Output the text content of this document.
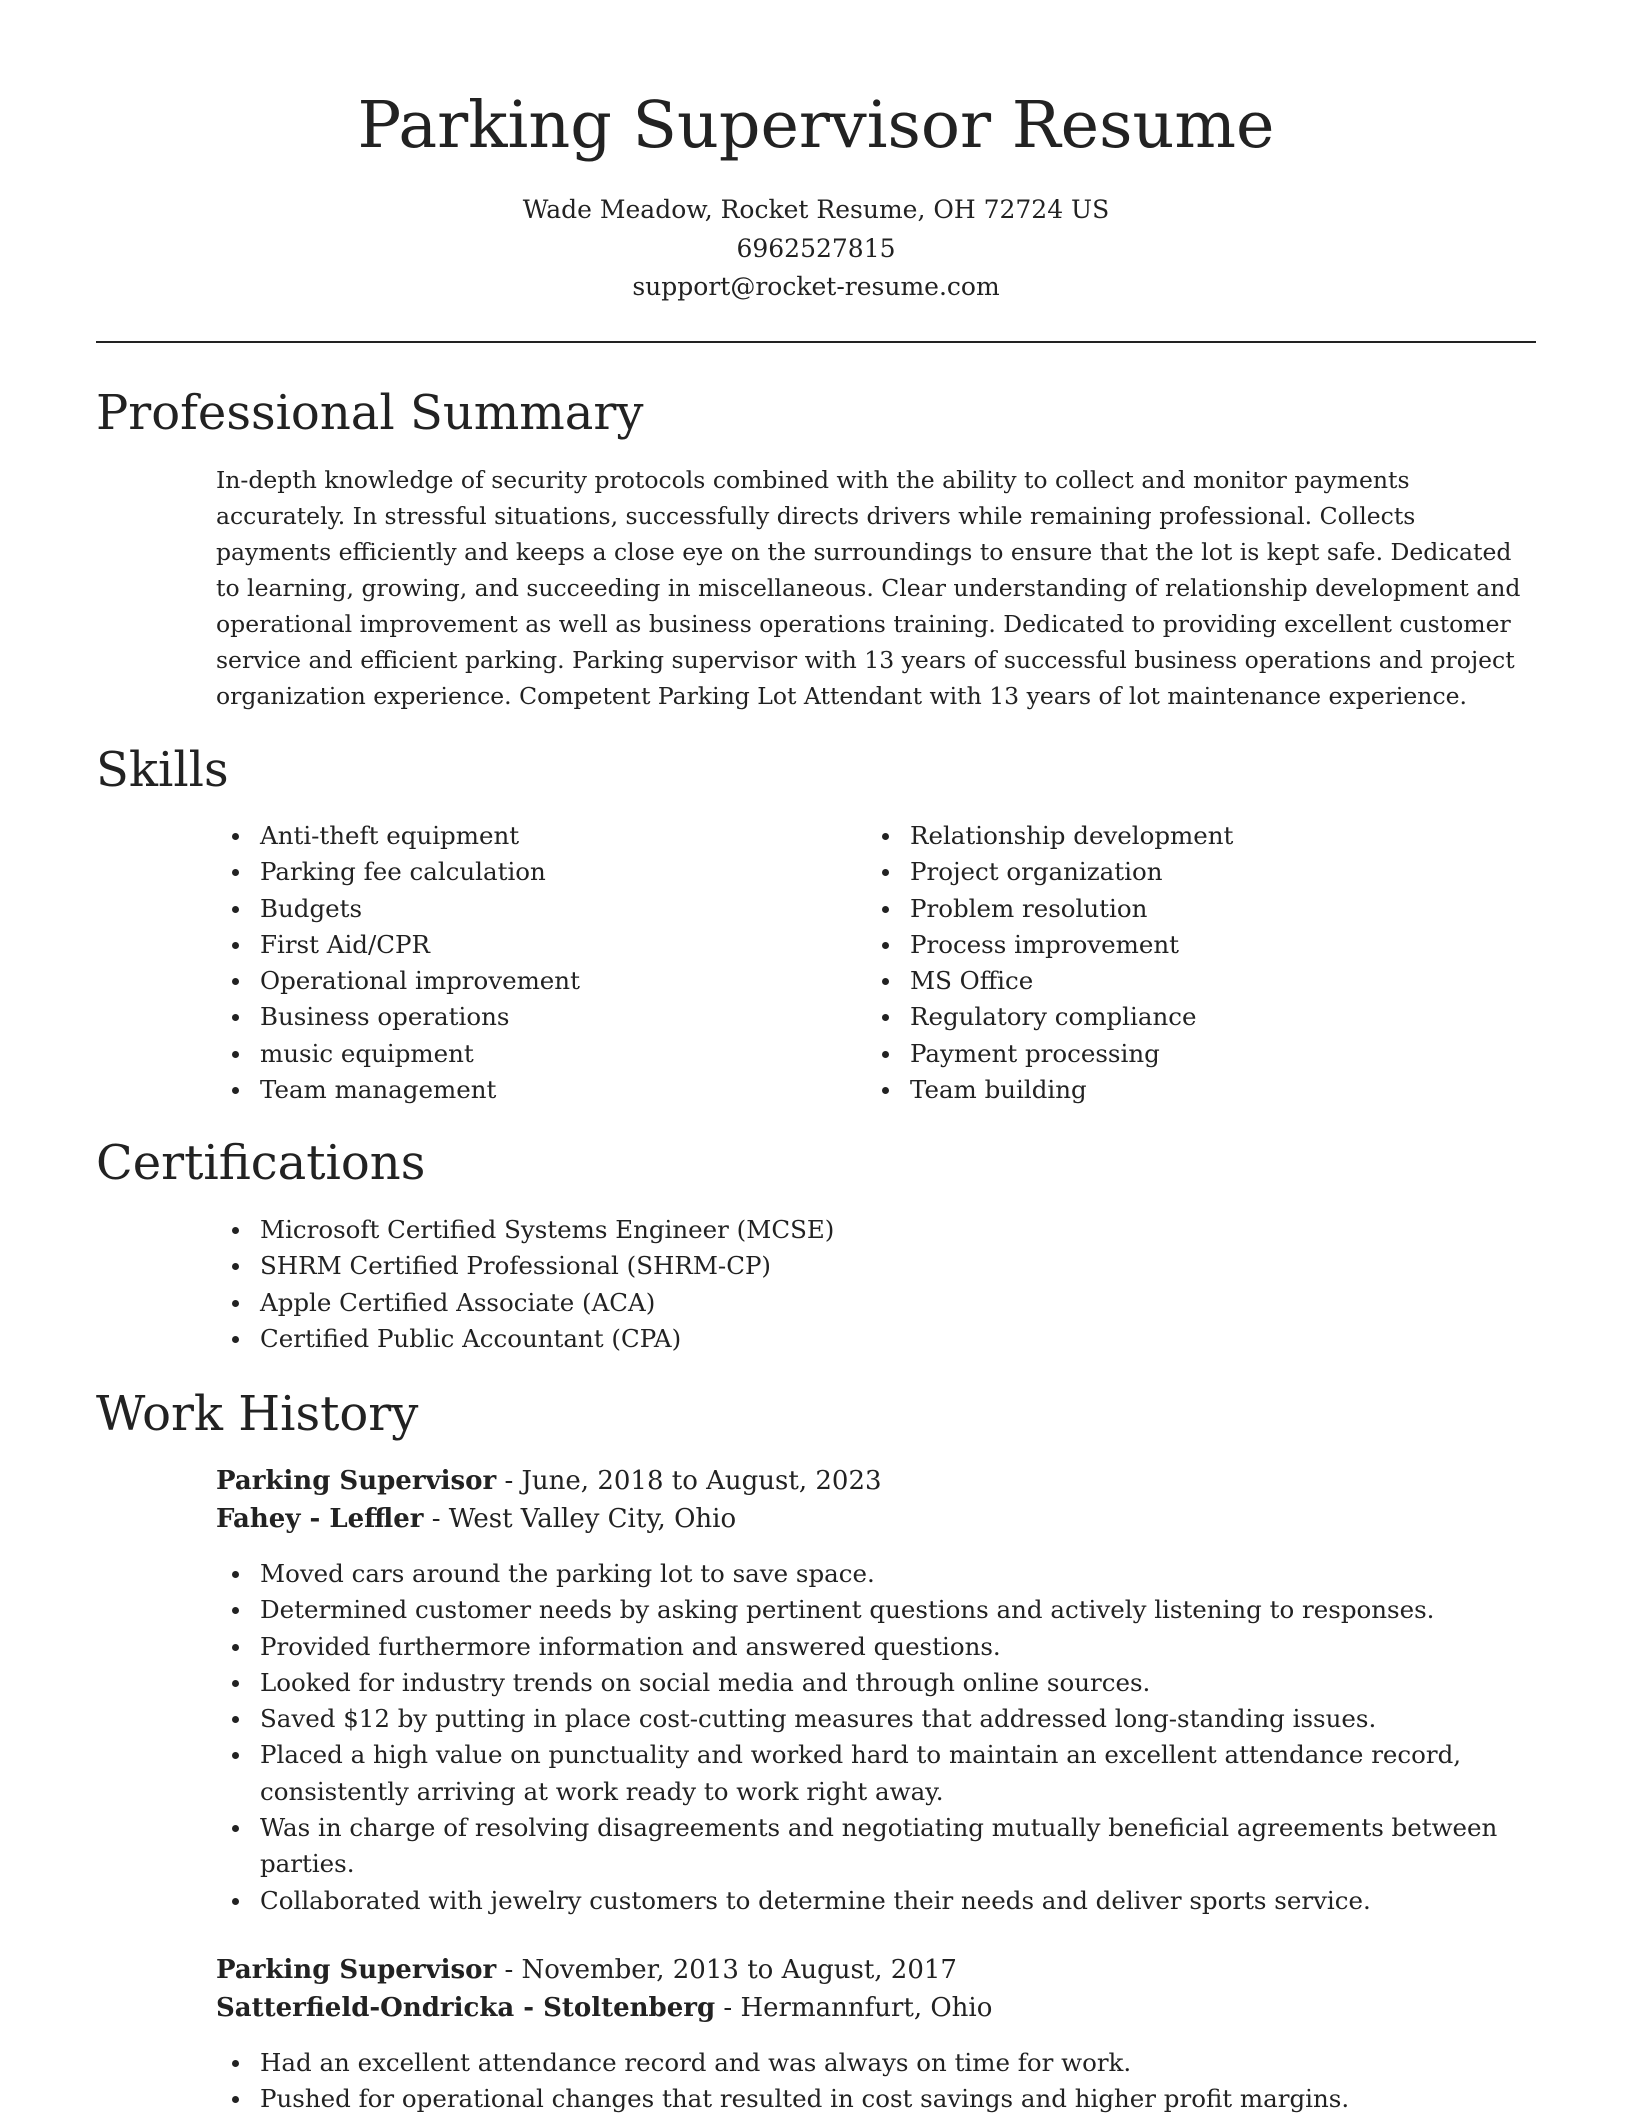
Parking Supervisor Resume
Wade Meadow, Rocket Resume, OH 72724 US
6962527815
support@rocket-resume.com
Professional Summary

In-depth knowledge of security protocols combined with the ability to collect and monitor payments accurately. In stressful situations, successfully directs drivers while remaining professional. Collects payments efficiently and keeps a close eye on the surroundings to ensure that the lot is kept safe. Dedicated to learning, growing, and succeeding in miscellaneous. Clear understanding of relationship development and operational improvement as well as business operations training. Dedicated to providing excellent customer service and efficient parking. Parking supervisor with 13 years of successful business operations and project organization experience. Competent Parking Lot Attendant with 13 years of lot maintenance experience.

Skills
Anti-theft equipment
Parking fee calculation
Budgets
First Aid/CPR
Operational improvement
Business operations
music equipment
Team management
Relationship development
Project organization
Problem resolution
Process improvement
MS Office
Regulatory compliance
Payment processing
Team building
Certifications
Microsoft Certified Systems Engineer (MCSE)
SHRM Certified Professional (SHRM-CP)
Apple Certified Associate (ACA)
Certified Public Accountant (CPA)
Work History
Parking Supervisor - June, 2018 to August, 2023
Fahey - Leffler - West Valley City, Ohio
Moved cars around the parking lot to save space.
Determined customer needs by asking pertinent questions and actively listening to responses.
Provided furthermore information and answered questions.
Looked for industry trends on social media and through online sources.
Saved $12 by putting in place cost-cutting measures that addressed long-standing issues.
Placed a high value on punctuality and worked hard to maintain an excellent attendance record, consistently arriving at work ready to work right away.
Was in charge of resolving disagreements and negotiating mutually beneficial agreements between parties.
Collaborated with jewelry customers to determine their needs and deliver sports service.
Parking Supervisor - November, 2013 to August, 2017
Satterfield-Ondricka - Stoltenberg - Hermannfurt, Ohio
Had an excellent attendance record and was always on time for work.
Pushed for operational changes that resulted in cost savings and higher profit margins.
